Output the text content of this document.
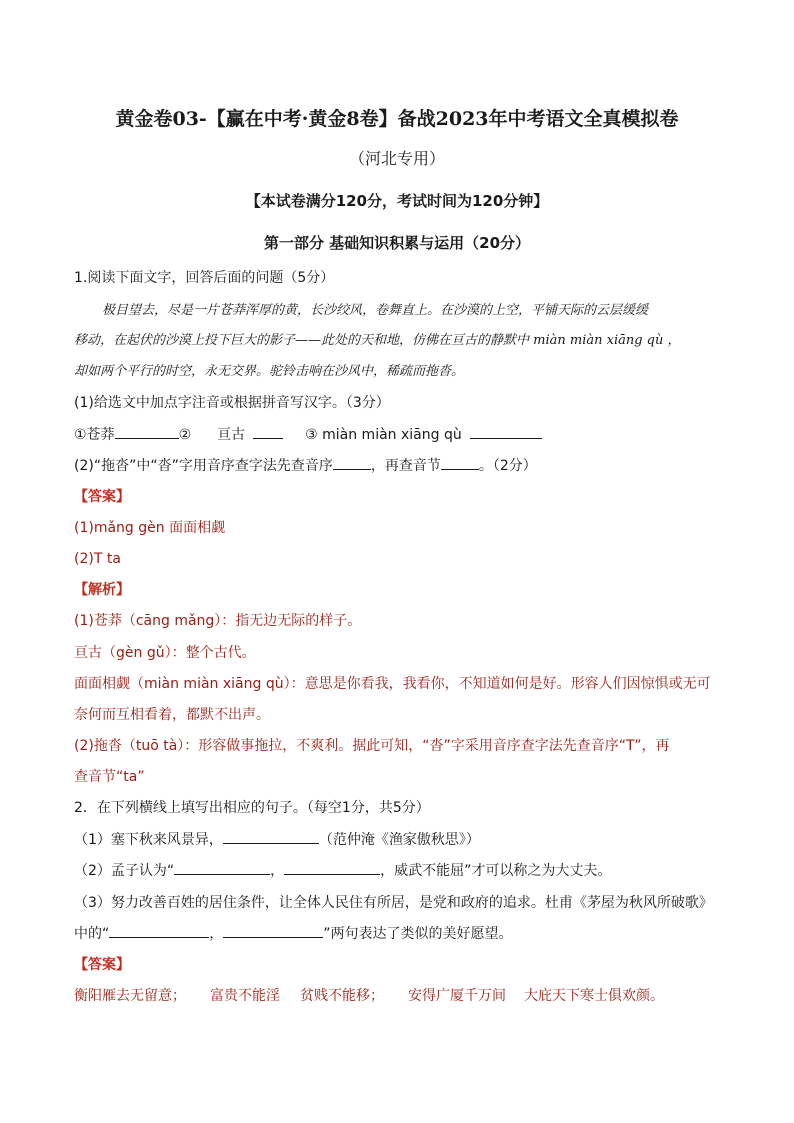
黄金卷03-【赢在中考·黄金8卷】备战2023年中考语文全真模拟卷
（河北专用）
【本试卷满分120分，考试时间为120分钟】
第一部分 基础知识积累与运用（20分）
1.阅读下面文字，回答后面的问题（5分）
极目望去，尽是一片苍莽浑厚的黄，长沙绞风，卷舞直上。在沙漠的上空，平铺天际的云层缓缓
移动，在起伏的沙漠上投下巨大的影子——此处的天和地，仿佛在亘古的静默中 miàn miàn xiāng qù ，
却如两个平行的时空，永无交界。驼铃击响在沙风中，稀疏而拖沓。
(1)给选文中加点字注音或根据拼音写汉字。（3分）
①苍莽	② 亘古	③ miàn miàn xiāng qù
(2)“拖沓”中“沓”字用音序查字法先查音序	，再查音节	。（2分）
【答案】
(1)mǎng gèn 面面相觑
(2)T ta
【解析】
(1)苍莽（cāng mǎng）：指无边无际的样子。
亘古（gèn gǔ）：整个古代。
面面相觑（miàn miàn xiāng qù）：意思是你看我，我看你，不知道如何是好。形容人们因惊惧或无可
奈何而互相看着，都默不出声。
(2)拖沓（tuō tà）：形容做事拖拉，不爽利。据此可知，“沓”字采用音序查字法先查音序“T”，再
查音节“ta”
2．在下列横线上填写出相应的句子。（每空1分，共5分）
（1）塞下秋来风景异，	（范仲淹《渔家傲秋思》）
（2）孟子认为“	，	，威武不能屈”才可以称之为大丈夫。
（3）努力改善百姓的居住条件，让全体人民住有所居，是党和政府的追求。杜甫《茅屋为秋风所破歌》
中的“	，	”两句表达了类似的美好愿望。
【答案】
衡阳雁去无留意； 富贵不能淫 贫贱不能移； 安得广厦千万间 大庇天下寒士俱欢颜。
